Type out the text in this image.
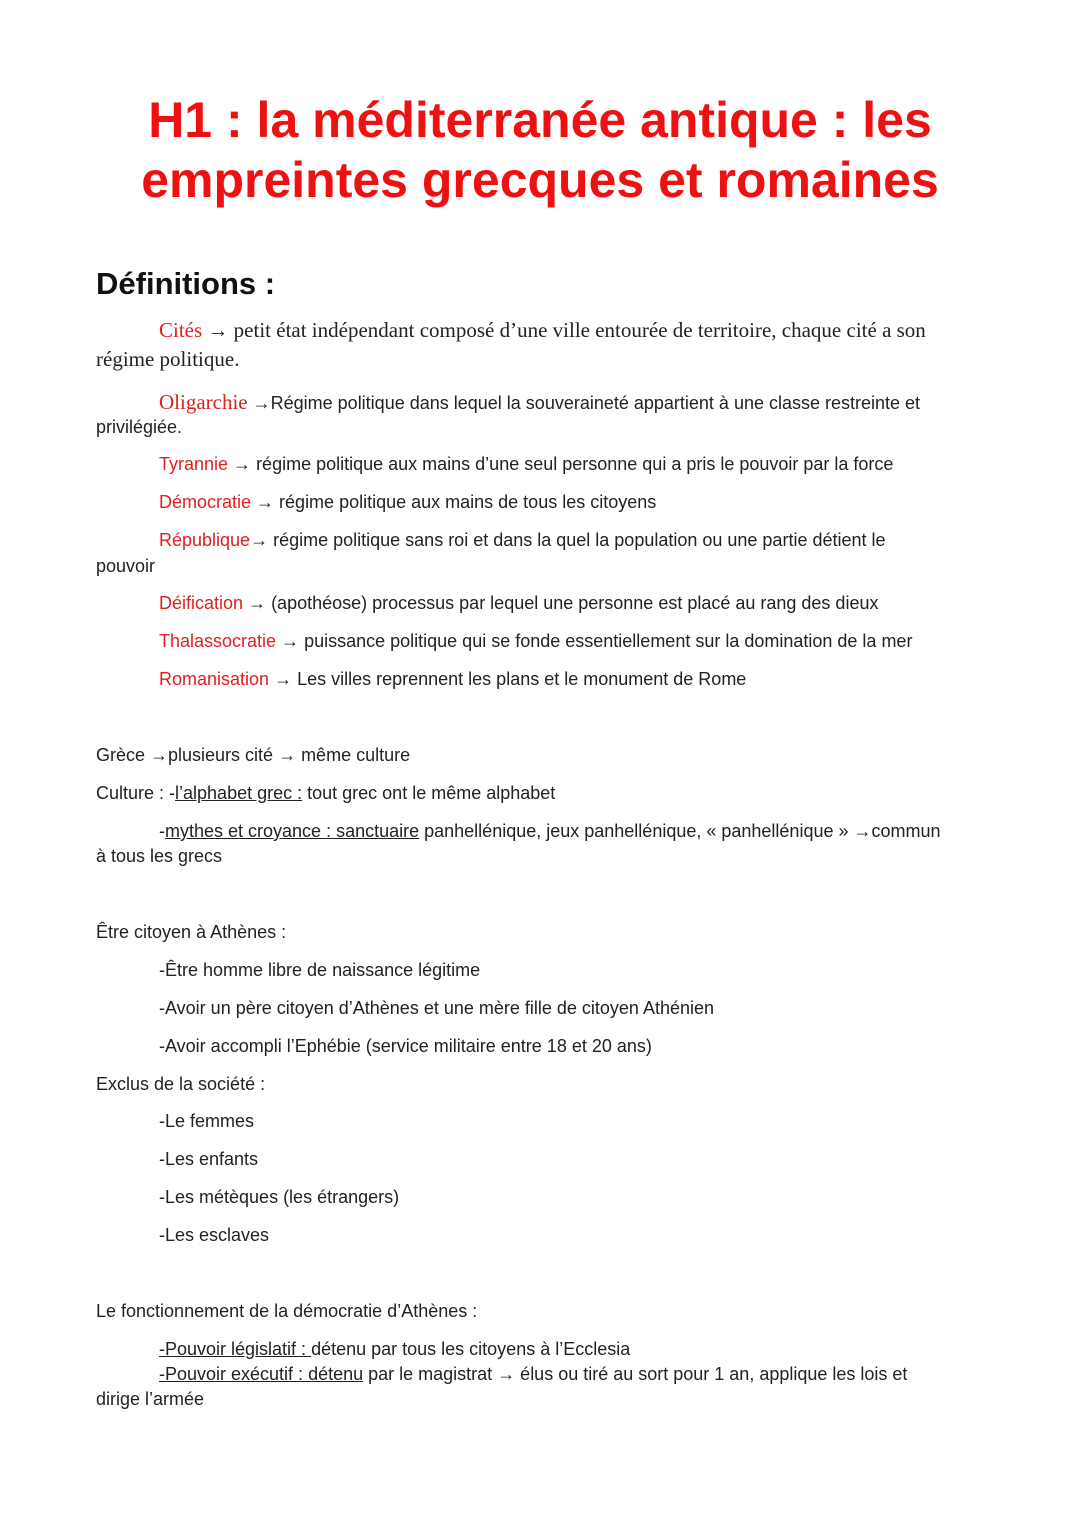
H1 : la méditerranée antique : les
empreintes grecques et romaines
Définitions :
Cités → petit état indépendant composé d’une ville entourée de territoire, chaque cité a son
régime politique.
Oligarchie →Régime politique dans lequel la souveraineté appartient à une classe restreinte et
privilégiée.
Tyrannie → régime politique aux mains d’une seul personne qui a pris le pouvoir par la force
Démocratie → régime politique aux mains de tous les citoyens
République→ régime politique sans roi et dans la quel la population ou une partie détient le
pouvoir
Déification → (apothéose) processus par lequel une personne est placé au rang des dieux
Thalassocratie → puissance politique qui se fonde essentiellement sur la domination de la mer
Romanisation → Les villes reprennent les plans et le monument de Rome
Grèce →plusieurs cité → même culture
Culture : -l’alphabet grec : tout grec ont le même alphabet
-mythes et croyance : sanctuaire panhellénique, jeux panhellénique, « panhellénique » →commun
à tous les grecs
Être citoyen à Athènes :
-Être homme libre de naissance légitime
-Avoir un père citoyen d’Athènes et une mère fille de citoyen Athénien
-Avoir accompli l’Ephébie (service militaire entre 18 et 20 ans)
Exclus de la société :
-Le femmes
-Les enfants
-Les métèques (les étrangers)
-Les esclaves
Le fonctionnement de la démocratie d’Athènes :
-Pouvoir législatif : détenu par tous les citoyens à l’Ecclesia
-Pouvoir exécutif : détenu par le magistrat → élus ou tiré au sort pour 1 an, applique les lois et
dirige l’armée
